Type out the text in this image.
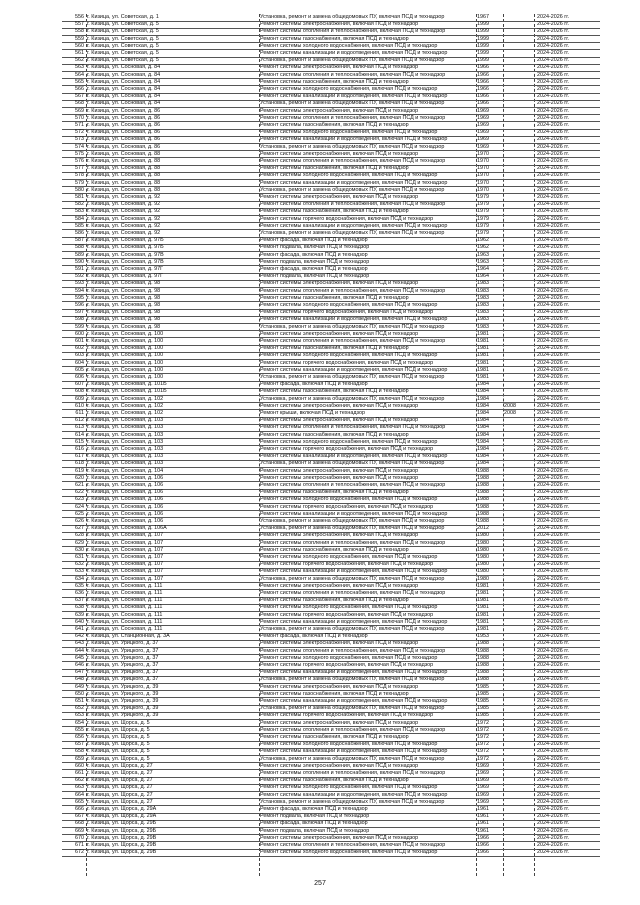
556 г. Кизица, ул. Советская, д. 1	Установка, ремонт и замена общедомовых ПУ, включая ПСД и технадзор	1967	2024-2026 гг.
557 г. Кизица, ул. Советская, д. 5	Ремонт системы электроснабжения, включая ПСД и технадзор	1999	2024-2026 гг.
558 г. Кизица, ул. Советская, д. 5	Ремонт системы отопления и теплоснабжения, включая ПСД и технадзор	1999	2024-2026 гг.
559 г. Кизица, ул. Советская, д. 5	Ремонт системы газоснабжения, включая ПСД и технадзор	1999	2024-2026 гг.
560 г. Кизица, ул. Советская, д. 5	Ремонт системы холодного водоснабжения, включая ПСД и технадзор	1999	2024-2026 гг.
561 г. Кизица, ул. Советская, д. 5	Ремонт системы канализации и водоотведения, включая ПСД и технадзор	1999	2024-2026 гг.
562 г. Кизица, ул. Советская, д. 5	Установка, ремонт и замена общедомовых ПУ, включая ПСД и технадзор	1999	2024-2026 гг.
563 г. Кизица, ул. Сосновая, д. 84	Ремонт системы электроснабжения, включая ПСД и технадзор	1966	2024-2026 гг.
564 г. Кизица, ул. Сосновая, д. 84	Ремонт системы отопления и теплоснабжения, включая ПСД и технадзор	1966	2024-2026 гг.
565 г. Кизица, ул. Сосновая, д. 84	Ремонт системы газоснабжения, включая ПСД и технадзор	1966	2024-2026 гг.
566 г. Кизица, ул. Сосновая, д. 84	Ремонт системы холодного водоснабжения, включая ПСД и технадзор	1966	2024-2026 гг.
567 г. Кизица, ул. Сосновая, д. 84	Ремонт системы канализации и водоотведения, включая ПСД и технадзор	1966	2024-2026 гг.
568 г. Кизица, ул. Сосновая, д. 84	Установка, ремонт и замена общедомовых ПУ, включая ПСД и технадзор	1966	2024-2026 гг.
569 г. Кизица, ул. Сосновая, д. 86	Ремонт системы электроснабжения, включая ПСД и технадзор	1969	2024-2026 гг.
570 г. Кизица, ул. Сосновая, д. 86	Ремонт системы отопления и теплоснабжения, включая ПСД и технадзор	1969	2024-2026 гг.
571 г. Кизица, ул. Сосновая, д. 86	Ремонт системы газоснабжения, включая ПСД и технадзор	1969	2024-2026 гг.
572 г. Кизица, ул. Сосновая, д. 86	Ремонт системы холодного водоснабжения, включая ПСД и технадзор	1969	2024-2026 гг.
573 г. Кизица, ул. Сосновая, д. 86	Ремонт системы канализации и водоотведения, включая ПСД и технадзор	1969	2024-2026 гг.
574 г. Кизица, ул. Сосновая, д. 86	Установка, ремонт и замена общедомовых ПУ, включая ПСД и технадзор	1969	2024-2026 гг.
575 г. Кизица, ул. Сосновая, д. 88	Ремонт системы электроснабжения, включая ПСД и технадзор	1970	2024-2026 гг.
576 г. Кизица, ул. Сосновая, д. 88	Ремонт системы отопления и теплоснабжения, включая ПСД и технадзор	1970	2024-2026 гг.
577 г. Кизица, ул. Сосновая, д. 88	Ремонт системы газоснабжения, включая ПСД и технадзор	1970	2024-2026 гг.
578 г. Кизица, ул. Сосновая, д. 88	Ремонт системы холодного водоснабжения, включая ПСД и технадзор	1970	2024-2026 гг.
579 г. Кизица, ул. Сосновая, д. 88	Ремонт системы канализации и водоотведения, включая ПСД и технадзор	1970	2024-2026 гг.
580 г. Кизица, ул. Сосновая, д. 88	Установка, ремонт и замена общедомовых ПУ, включая ПСД и технадзор	1970	2024-2026 гг.
581 г. Кизица, ул. Сосновая, д. 92	Ремонт системы электроснабжения, включая ПСД и технадзор	1979	2024-2026 гг.
582 г. Кизица, ул. Сосновая, д. 92	Ремонт системы отопления и теплоснабжения, включая ПСД и технадзор	1979	2024-2026 гг.
583 г. Кизица, ул. Сосновая, д. 92	Ремонт системы газоснабжения, включая ПСД и технадзор	1979	2024-2026 гг.
584 г. Кизица, ул. Сосновая, д. 92	Ремонт системы горячего водоснабжения, включая ПСД и технадзор	1979	2024-2026 гг.
585 г. Кизица, ул. Сосновая, д. 92	Ремонт системы канализации и водоотведения, включая ПСД и технадзор	1979	2024-2026 гг.
586 г. Кизица, ул. Сосновая, д. 92	Установка, ремонт и замена общедомовых ПУ, включая ПСД и технадзор	1979	2024-2026 гг.
587 г. Кизица, ул. Сосновая, д. 97Б	Ремонт фасада, включая ПСД и технадзор	1962	2024-2026 гг.
588 г. Кизица, ул. Сосновая, д. 97Б	Ремонт подвала, включая ПСД и технадзор	1962	2024-2026 гг.
589 г. Кизица, ул. Сосновая, д. 97В	Ремонт фасада, включая ПСД и технадзор	1963	2024-2026 гг.
590 г. Кизица, ул. Сосновая, д. 97В	Ремонт подвала, включая ПСД и технадзор	1963	2024-2026 гг.
591 г. Кизица, ул. Сосновая, д. 97Г	Ремонт фасада, включая ПСД и технадзор	1964	2024-2026 гг.
592 г. Кизица, ул. Сосновая, д. 97Г	Ремонт подвала, включая ПСД и технадзор	1964	2024-2026 гг.
593 г. Кизица, ул. Сосновая, д. 98	Ремонт системы электроснабжения, включая ПСД и технадзор	1983	2024-2026 гг.
594 г. Кизица, ул. Сосновая, д. 98	Ремонт системы отопления и теплоснабжения, включая ПСД и технадзор	1983	2024-2026 гг.
595 г. Кизица, ул. Сосновая, д. 98	Ремонт системы газоснабжения, включая ПСД и технадзор	1983	2024-2026 гг.
596 г. Кизица, ул. Сосновая, д. 98	Ремонт системы холодного водоснабжения, включая ПСД и технадзор	1983	2024-2026 гг.
597 г. Кизица, ул. Сосновая, д. 98	Ремонт системы горячего водоснабжения, включая ПСД и технадзор	1983	2024-2026 гг.
598 г. Кизица, ул. Сосновая, д. 98	Ремонт системы канализации и водоотведения, включая ПСД и технадзор	1983	2024-2026 гг.
599 г. Кизица, ул. Сосновая, д. 98	Установка, ремонт и замена общедомовых ПУ, включая ПСД и технадзор	1983	2024-2026 гг.
600 г. Кизица, ул. Сосновая, д. 100	Ремонт системы электроснабжения, включая ПСД и технадзор	1981	2024-2026 гг.
601 г. Кизица, ул. Сосновая, д. 100	Ремонт системы отопления и теплоснабжения, включая ПСД и технадзор	1981	2024-2026 гг.
602 г. Кизица, ул. Сосновая, д. 100	Ремонт системы газоснабжения, включая ПСД и технадзор	1981	2024-2026 гг.
603 г. Кизица, ул. Сосновая, д. 100	Ремонт системы холодного водоснабжения, включая ПСД и технадзор	1981	2024-2026 гг.
604 г. Кизица, ул. Сосновая, д. 100	Ремонт системы горячего водоснабжения, включая ПСД и технадзор	1981	2024-2026 гг.
605 г. Кизица, ул. Сосновая, д. 100	Ремонт системы канализации и водоотведения, включая ПСД и технадзор	1981	2024-2026 гг.
606 г. Кизица, ул. Сосновая, д. 100	Установка, ремонт и замена общедомовых ПУ, включая ПСД и технадзор	1981	2024-2026 гг.
607 г. Кизица, ул. Сосновая, д. 101Б	Ремонт фасада, включая ПСД и технадзор	1984	2024-2026 гг.
608 г. Кизица, ул. Сосновая, д. 101Б	Ремонт системы газоснабжения, включая ПСД и технадзор	1984	2024-2026 гг.
609 г. Кизица, ул. Сосновая, д. 102	Установка, ремонт и замена общедомовых ПУ, включая ПСД и технадзор	1984	2024-2026 гг.
610 г. Кизица, ул. Сосновая, д. 102	Ремонт системы электроснабжения, включая ПСД и технадзор	1984	2008	2024-2026 гг.
611 г. Кизица, ул. Сосновая, д. 102	Ремонт крыши, включая ПСД и технадзор	1984	2008	2024-2026 гг.
612 г. Кизица, ул. Сосновая, д. 103	Ремонт системы электроснабжения, включая ПСД и технадзор	1984	2024-2026 гг.
613 г. Кизица, ул. Сосновая, д. 103	Ремонт системы отопления и теплоснабжения, включая ПСД и технадзор	1984	2024-2026 гг.
614 г. Кизица, ул. Сосновая, д. 103	Ремонт системы газоснабжения, включая ПСД и технадзор	1984	2024-2026 гг.
615 г. Кизица, ул. Сосновая, д. 103	Ремонт системы холодного водоснабжения, включая ПСД и технадзор	1984	2024-2026 гг.
616 г. Кизица, ул. Сосновая, д. 103	Ремонт системы горячего водоснабжения, включая ПСД и технадзор	1984	2024-2026 гг.
617 г. Кизица, ул. Сосновая, д. 103	Ремонт системы канализации и водоотведения, включая ПСД и технадзор	1984	2024-2026 гг.
618 г. Кизица, ул. Сосновая, д. 103	Установка, ремонт и замена общедомовых ПУ, включая ПСД и технадзор	1984	2024-2026 гг.
619 г. Кизица, ул. Сосновая, д. 104	Ремонт системы электроснабжения, включая ПСД и технадзор	1988	2024-2026 гг.
620 г. Кизица, ул. Сосновая, д. 106	Ремонт системы электроснабжения, включая ПСД и технадзор	1988	2024-2026 гг.
621 г. Кизица, ул. Сосновая, д. 106	Ремонт системы отопления и теплоснабжения, включая ПСД и технадзор	1988	2024-2026 гг.
622 г. Кизица, ул. Сосновая, д. 106	Ремонт системы газоснабжения, включая ПСД и технадзор	1988	2024-2026 гг.
623 г. Кизица, ул. Сосновая, д. 106	Ремонт системы холодного водоснабжения, включая ПСД и технадзор	1988	2024-2026 гг.
624 г. Кизица, ул. Сосновая, д. 106	Ремонт системы горячего водоснабжения, включая ПСД и технадзор	1988	2024-2026 гг.
625 г. Кизица, ул. Сосновая, д. 106	Ремонт системы канализации и водоотведения, включая ПСД и технадзор	1988	2024-2026 гг.
626 г. Кизица, ул. Сосновая, д. 106	Установка, ремонт и замена общедомовых ПУ, включая ПСД и технадзор	1988	2024-2026 гг.
627 г. Кизица, ул. Сосновая, д. 106А	Установка, ремонт и замена общедомовых ПУ, включая ПСД и технадзор	2012	2024-2026 гг.
628 г. Кизица, ул. Сосновая, д. 107	Ремонт системы электроснабжения, включая ПСД и технадзор	1980	2024-2026 гг.
629 г. Кизица, ул. Сосновая, д. 107	Ремонт системы отопления и теплоснабжения, включая ПСД и технадзор	1980	2024-2026 гг.
630 г. Кизица, ул. Сосновая, д. 107	Ремонт системы газоснабжения, включая ПСД и технадзор	1980	2024-2026 гг.
631 г. Кизица, ул. Сосновая, д. 107	Ремонт системы холодного водоснабжения, включая ПСД и технадзор	1980	2024-2026 гг.
632 г. Кизица, ул. Сосновая, д. 107	Ремонт системы горячего водоснабжения, включая ПСД и технадзор	1980	2024-2026 гг.
633 г. Кизица, ул. Сосновая, д. 107	Ремонт системы канализации и водоотведения, включая ПСД и технадзор	1980	2024-2026 гг.
634 г. Кизица, ул. Сосновая, д. 107	Установка, ремонт и замена общедомовых ПУ, включая ПСД и технадзор	1980	2024-2026 гг.
635 г. Кизица, ул. Сосновая, д. 111	Ремонт системы электроснабжения, включая ПСД и технадзор	1981	2024-2026 гг.
636 г. Кизица, ул. Сосновая, д. 111	Ремонт системы отопления и теплоснабжения, включая ПСД и технадзор	1981	2024-2026 гг.
637 г. Кизица, ул. Сосновая, д. 111	Ремонт системы газоснабжения, включая ПСД и технадзор	1981	2024-2026 гг.
638 г. Кизица, ул. Сосновая, д. 111	Ремонт системы холодного водоснабжения, включая ПСД и технадзор	1981	2024-2026 гг.
639 г. Кизица, ул. Сосновая, д. 111	Ремонт системы горячего водоснабжения, включая ПСД и технадзор	1981	2024-2026 гг.
640 г. Кизица, ул. Сосновая, д. 111	Ремонт системы канализации и водоотведения, включая ПСД и технадзор	1981	2024-2026 гг.
641 г. Кизица, ул. Сосновая, д. 111	Установка, ремонт и замена общедомовых ПУ, включая ПСД и технадзор	1981	2024-2026 гг.
642 г. Кизица, ул. Станционная, д. 3А	Ремонт фасада, включая ПСД и технадзор	1953	2024-2026 гг.
643 г. Кизица, ул. Урицкого, д. 37	Ремонт системы электроснабжения, включая ПСД и технадзор	1988	2024-2026 гг.
644 г. Кизица, ул. Урицкого, д. 37	Ремонт системы отопления и теплоснабжения, включая ПСД и технадзор	1988	2024-2026 гг.
645 г. Кизица, ул. Урицкого, д. 37	Ремонт системы холодного водоснабжения, включая ПСД и технадзор	1988	2024-2026 гг.
646 г. Кизица, ул. Урицкого, д. 37	Ремонт системы горячего водоснабжения, включая ПСД и технадзор	1988	2024-2026 гг.
647 г. Кизица, ул. Урицкого, д. 37	Ремонт системы канализации и водоотведения, включая ПСД и технадзор	1988	2024-2026 гг.
648 г. Кизица, ул. Урицкого, д. 37	Установка, ремонт и замена общедомовых ПУ, включая ПСД и технадзор	1988	2024-2026 гг.
649 г. Кизица, ул. Урицкого, д. 39	Ремонт системы электроснабжения, включая ПСД и технадзор	1985	2024-2026 гг.
650 г. Кизица, ул. Урицкого, д. 39	Ремонт системы газоснабжения, включая ПСД и технадзор	1985	2024-2026 гг.
651 г. Кизица, ул. Урицкого, д. 39	Ремонт системы канализации и водоотведения, включая ПСД и технадзор	1985	2024-2026 гг.
652 г. Кизица, ул. Урицкого, д. 39	Установка, ремонт и замена общедомовых ПУ, включая ПСД и технадзор	1985	2024-2026 гг.
653 г. Кизица, ул. Урицкого, д. 39	Ремонт системы горячего водоснабжения, включая ПСД и технадзор	1985	2024-2026 гг.
654 г. Кизица, ул. Щорса, д. 5	Ремонт системы электроснабжения, включая ПСД и технадзор	1972	2024-2026 гг.
655 г. Кизица, ул. Щорса, д. 5	Ремонт системы отопления и теплоснабжения, включая ПСД и технадзор	1972	2024-2026 гг.
656 г. Кизица, ул. Щорса, д. 5	Ремонт системы газоснабжения, включая ПСД и технадзор	1972	2024-2026 гг.
657 г. Кизица, ул. Щорса, д. 5	Ремонт системы холодного водоснабжения, включая ПСД и технадзор	1972	2024-2026 гг.
658 г. Кизица, ул. Щорса, д. 5	Ремонт системы канализации и водоотведения, включая ПСД и технадзор	1972	2024-2026 гг.
659 г. Кизица, ул. Щорса, д. 5	Установка, ремонт и замена общедомовых ПУ, включая ПСД и технадзор	1972	2024-2026 гг.
660 г. Кизица, ул. Щорса, д. 27	Ремонт системы электроснабжения, включая ПСД и технадзор	1969	2024-2026 гг.
661 г. Кизица, ул. Щорса, д. 27	Ремонт системы отопления и теплоснабжения, включая ПСД и технадзор	1969	2024-2026 гг.
662 г. Кизица, ул. Щорса, д. 27	Ремонт системы газоснабжения, включая ПСД и технадзор	1969	2024-2026 гг.
663 г. Кизица, ул. Щорса, д. 27	Ремонт системы холодного водоснабжения, включая ПСД и технадзор	1969	2024-2026 гг.
664 г. Кизица, ул. Щорса, д. 27	Ремонт системы канализации и водоотведения, включая ПСД и технадзор	1969	2024-2026 гг.
665 г. Кизица, ул. Щорса, д. 27	Установка, ремонт и замена общедомовых ПУ, включая ПСД и технадзор	1969	2024-2026 гг.
666 г. Кизица, ул. Щорса, д. 29А	Ремонт фасада, включая ПСД и технадзор	1961	2024-2026 гг.
667 г. Кизица, ул. Щорса, д. 29А	Ремонт подвала, включая ПСД и технадзор	1961	2024-2026 гг.
668 г. Кизица, ул. Щорса, д. 29Б	Ремонт фасада, включая ПСД и технадзор	1961	2024-2026 гг.
669 г. Кизица, ул. Щорса, д. 29Б	Ремонт подвала, включая ПСД и технадзор	1961	2024-2026 гг.
670 г. Кизица, ул. Щорса, д. 29В	Ремонт системы электроснабжения, включая ПСД и технадзор	1966	2024-2026 гг.
671 г. Кизица, ул. Щорса, д. 29В	Ремонт системы отопления и теплоснабжения, включая ПСД и технадзор	1966	2024-2026 гг.
672 г. Кизица, ул. Щорса, д. 29В	Ремонт системы холодного водоснабжения, включая ПСД и технадзор	1966	2024-2026 гг.
257
